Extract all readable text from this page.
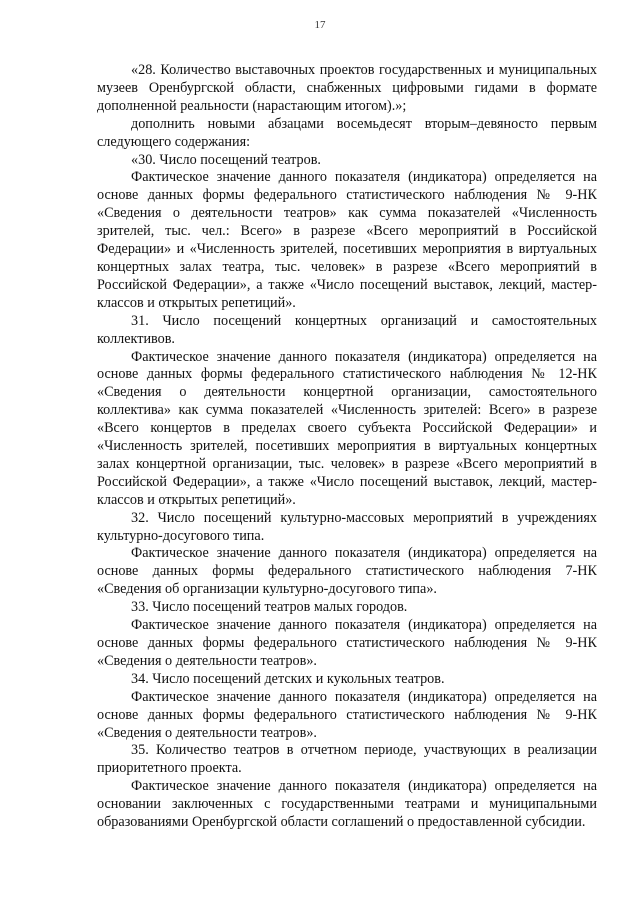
17

«28. Количество выставочных проектов государственных и муниципальных музеев Оренбургской области, снабженных цифровыми гидами в формате дополненной реальности (нарастающим итогом).»;

дополнить новыми абзацами восемьдесят вторым–девяносто первым следующего содержания:

«30. Число посещений театров.

Фактическое значение данного показателя (индикатора) определяется на основе данных формы федерального статистического наблюдения № 9-НК «Сведения о деятельности театров» как сумма показателей «Численность зрителей, тыс. чел.: Всего» в разрезе «Всего мероприятий в Российской Федерации» и «Численность зрителей, посетивших мероприятия в виртуальных концертных залах театра, тыс. человек» в разрезе «Всего мероприятий в Российской Федерации», а также «Число посещений выставок, лекций, мастер-классов и открытых репетиций».

31. Число посещений концертных организаций и самостоятельных коллективов.

Фактическое значение данного показателя (индикатора) определяется на основе данных формы федерального статистического наблюдения № 12-НК «Сведения о деятельности концертной организации, самостоятельного коллектива» как сумма показателей «Численность зрителей: Всего» в разрезе «Всего концертов в пределах своего субъекта Российской Федерации» и «Численность зрителей, посетивших мероприятия в виртуальных концертных залах концертной организации, тыс. человек» в разрезе «Всего мероприятий в Российской Федерации», а также «Число посещений выставок, лекций, мастер-классов и открытых репетиций».

32. Число посещений культурно-массовых мероприятий в учреждениях культурно-досугового типа.

Фактическое значение данного показателя (индикатора) определяется на основе данных формы федерального статистического наблюдения 7-НК «Сведения об организации культурно-досугового типа».

33. Число посещений театров малых городов.

Фактическое значение данного показателя (индикатора) определяется на основе данных формы федерального статистического наблюдения № 9-НК «Сведения о деятельности театров».

34. Число посещений детских и кукольных театров.

Фактическое значение данного показателя (индикатора) определяется на основе данных формы федерального статистического наблюдения № 9-НК «Сведения о деятельности театров».

35. Количество театров в отчетном периоде, участвующих в реализации приоритетного проекта.

Фактическое значение данного показателя (индикатора) определяется на основании заключенных с государственными театрами и муниципальными образованиями Оренбургской области соглашений о предоставленной субсидии.
